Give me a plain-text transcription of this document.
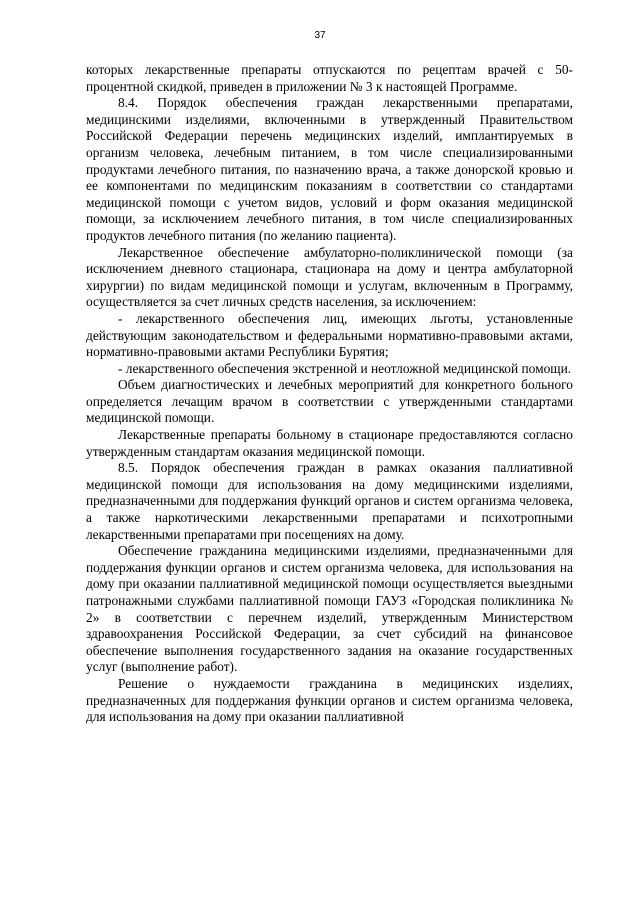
37

которых лекарственные препараты отпускаются по рецептам врачей с 50-процентной скидкой, приведен в приложении № 3 к настоящей Программе.

8.4. Порядок обеспечения граждан лекарственными препаратами, медицинскими изделиями, включенными в утвержденный Правительством Российской Федерации перечень медицинских изделий, имплантируемых в организм человека, лечебным питанием, в том числе специализированными продуктами лечебного питания, по назначению врача, а также донорской кровью и ее компонентами по медицинским показаниям в соответствии со стандартами медицинской помощи с учетом видов, условий и форм оказания медицинской помощи, за исключением лечебного питания, в том числе специализированных продуктов лечебного питания (по желанию пациента).

Лекарственное обеспечение амбулаторно-поликлинической помощи (за исключением дневного стационара, стационара на дому и центра амбулаторной хирургии) по видам медицинской помощи и услугам, включенным в Программу, осуществляется за счет личных средств населения, за исключением:

- лекарственного обеспечения лиц, имеющих льготы, установленные действующим законодательством и федеральными нормативно-правовыми актами, нормативно-правовыми актами Республики Бурятия;

- лекарственного обеспечения экстренной и неотложной медицинской помощи.

Объем диагностических и лечебных мероприятий для конкретного больного определяется лечащим врачом в соответствии с утвержденными стандартами медицинской помощи.

Лекарственные препараты больному в стационаре предоставляются согласно утвержденным стандартам оказания медицинской помощи.

8.5. Порядок обеспечения граждан в рамках оказания паллиативной медицинской помощи для использования на дому медицинскими изделиями, предназначенными для поддержания функций органов и систем организма человека, а также наркотическими лекарственными препаратами и психотропными лекарственными препаратами при посещениях на дому.

Обеспечение гражданина медицинскими изделиями, предназначенными для поддержания функции органов и систем организма человека, для использования на дому при оказании паллиативной медицинской помощи осуществляется выездными патронажными службами паллиативной помощи ГАУЗ «Городская поликлиника № 2» в соответствии с перечнем изделий, утвержденным Министерством здравоохранения Российской Федерации, за счет субсидий на финансовое обеспечение выполнения государственного задания на оказание государственных услуг (выполнение работ).

Решение о нуждаемости гражданина в медицинских изделиях, предназначенных для поддержания функции органов и систем организма человека, для использования на дому при оказании паллиативной
